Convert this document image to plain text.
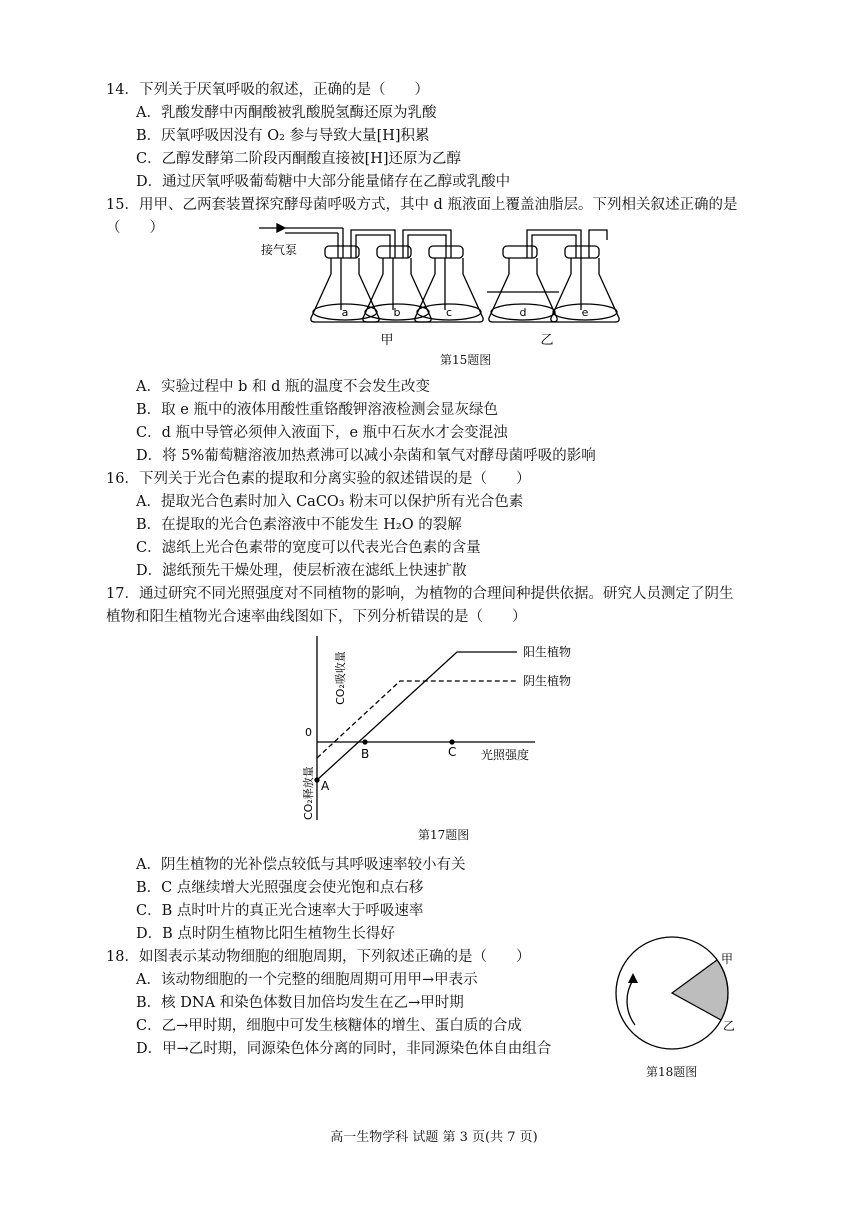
14．下列关于厌氧呼吸的叙述，正确的是（　　）
A．乳酸发酵中丙酮酸被乳酸脱氢酶还原为乳酸
B．厌氧呼吸因没有 O₂ 参与导致大量[H]积累
C．乙醇发酵第二阶段丙酮酸直接被[H]还原为乙醇
D．通过厌氧呼吸葡萄糖中大部分能量储存在乙醇或乳酸中
15．用甲、乙两套装置探究酵母菌呼吸方式，其中 d 瓶液面上覆盖油脂层。下列相关叙述正确的是
（　　）
接气泵
a	b	c	d	e
甲	乙
第15题图
A．实验过程中 b 和 d 瓶的温度不会发生改变
B．取 e 瓶中的液体用酸性重铬酸钾溶液检测会显灰绿色
C．d 瓶中导管必须伸入液面下，e 瓶中石灰水才会变混浊
D．将 5%葡萄糖溶液加热煮沸可以减小杂菌和氧气对酵母菌呼吸的影响
16．下列关于光合色素的提取和分离实验的叙述错误的是（　　）
A．提取光合色素时加入 CaCO₃ 粉末可以保护所有光合色素
B．在提取的光合色素溶液中不能发生 H₂O 的裂解
C．滤纸上光合色素带的宽度可以代表光合色素的含量
D．滤纸预先干燥处理，使层析液在滤纸上快速扩散
17．通过研究不同光照强度对不同植物的影响，为植物的合理间种提供依据。研究人员测定了阴生
植物和阳生植物光合速率曲线图如下，下列分析错误的是（　　）
CO₂吸收量
CO₂释放量
0
A
B	C 光照强度
阳生植物
阴生植物
第17题图
A．阴生植物的光补偿点较低与其呼吸速率较小有关
B．C 点继续增大光照强度会使光饱和点右移
C．B 点时叶片的真正光合速率大于呼吸速率
D．B 点时阴生植物比阳生植物生长得好
18．如图表示某动物细胞的细胞周期，下列叙述正确的是（　　）
A．该动物细胞的一个完整的细胞周期可用甲→甲表示
B．核 DNA 和染色体数目加倍均发生在乙→甲时期
C．乙→甲时期，细胞中可发生核糖体的增生、蛋白质的合成
D．甲→乙时期，同源染色体分离的同时，非同源染色体自由组合
甲
乙
第18题图
高一生物学科 试题 第 3 页(共 7 页)
